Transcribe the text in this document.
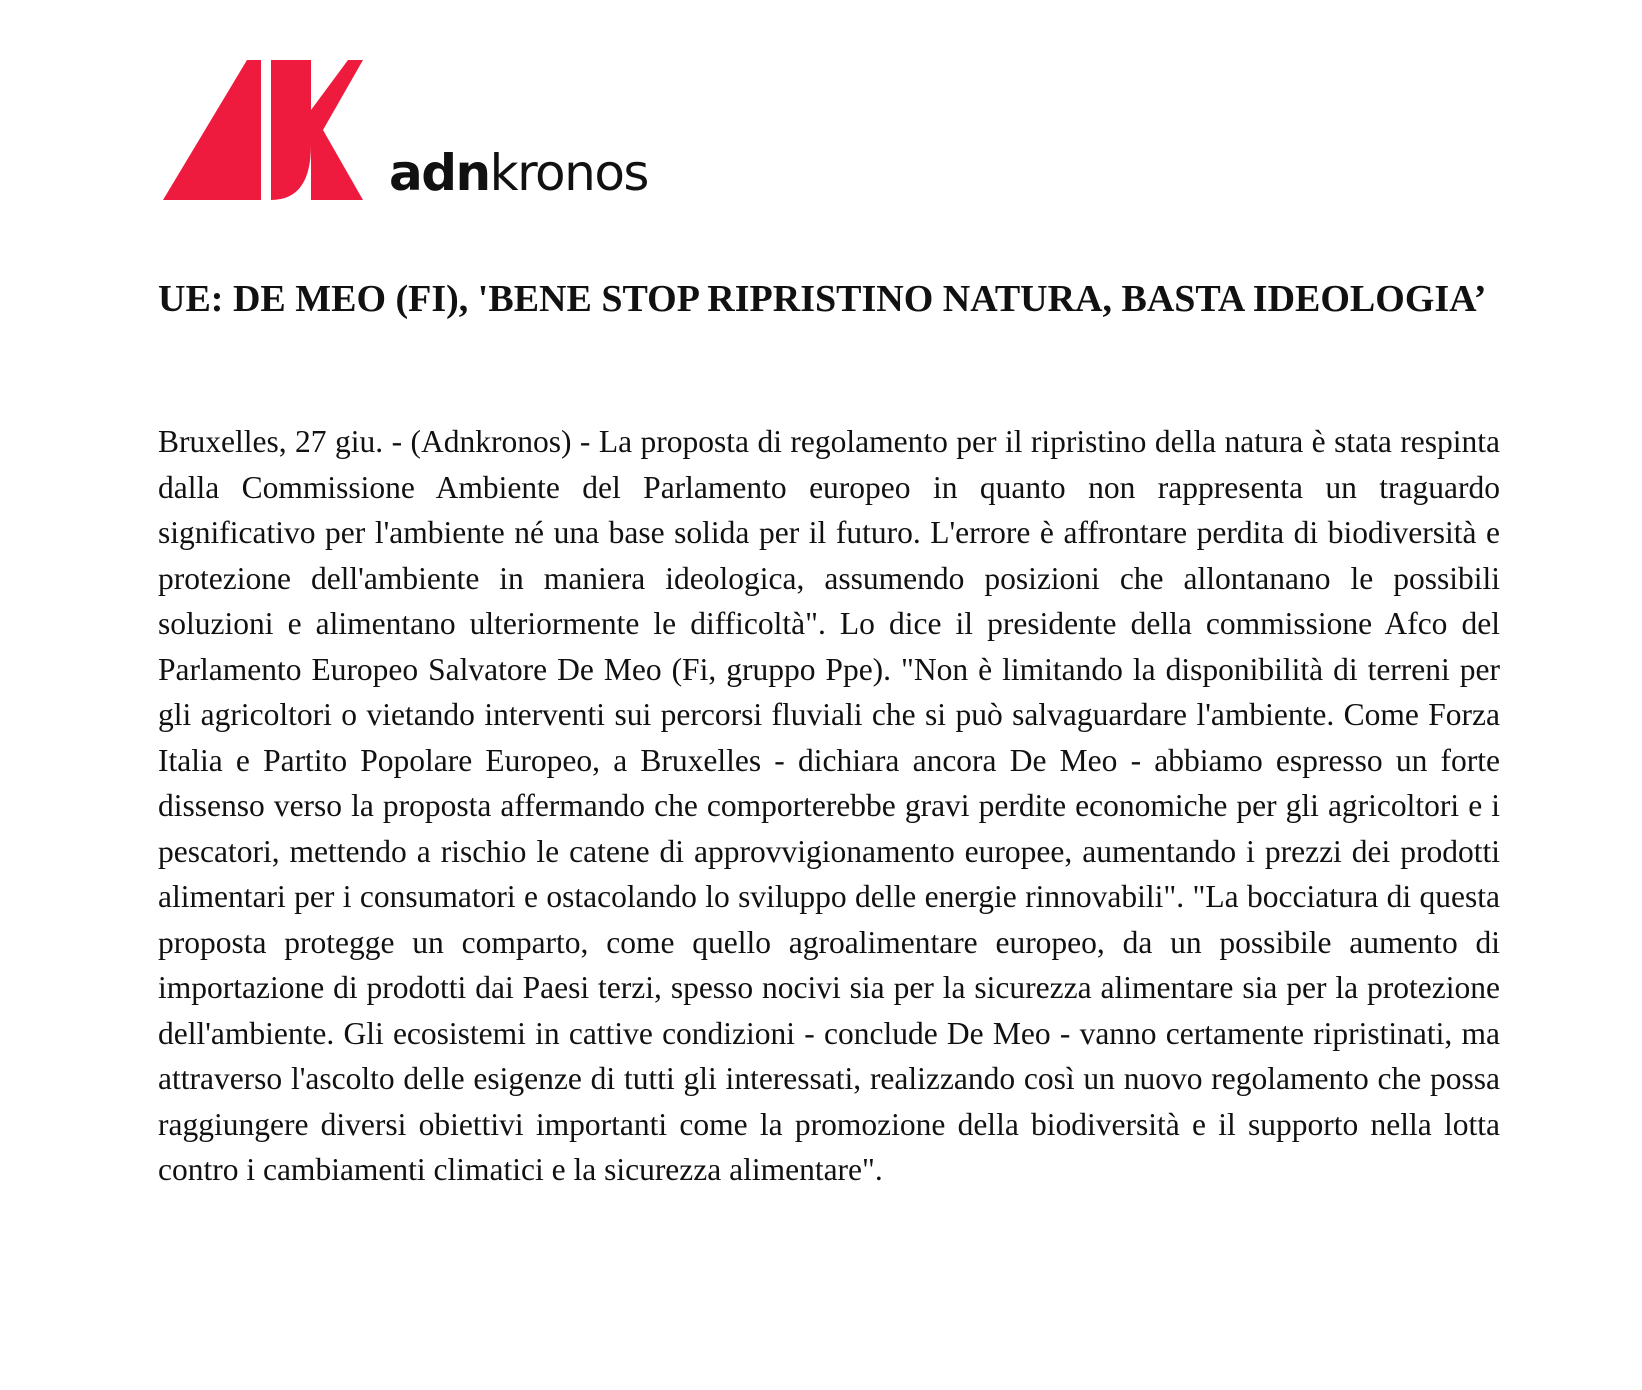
adnkronos
UE: DE MEO (FI), 'BENE STOP RIPRISTINO NATURA, BASTA IDEOLOGIA’

Bruxelles, 27 giu. - (Adnkronos) - La proposta di regolamento per il ripristino della natura è stata respinta dalla Commissione Ambiente del Parlamento europeo in quanto non rappresenta un traguardo significativo per l'ambiente né una base solida per il futuro. L'errore è affrontare perdita di biodiversità e protezione dell'ambiente in maniera ideologica, assumendo posizioni che allontanano le possibili soluzioni e alimentano ulteriormente le difficoltà". Lo dice il presidente della commissione Afco del Parlamento Europeo Salvatore De Meo (Fi, gruppo Ppe). "Non è limitando la disponibilità di terreni per gli agricoltori o vietando interventi sui percorsi fluviali che si può salvaguardare l'ambiente. Come Forza Italia e Partito Popolare Europeo, a Bruxelles - dichiara ancora De Meo - abbiamo espresso un forte dissenso verso la proposta affermando che comporterebbe gravi perdite economiche per gli agricoltori e i pescatori, mettendo a rischio le catene di approvvigionamento europee, aumentando i prezzi dei prodotti alimentari per i consumatori e ostacolando lo sviluppo delle energie rinnovabili". "La bocciatura di questa proposta protegge un comparto, come quello agroalimentare europeo, da un possibile aumento di importazione di prodotti dai Paesi terzi, spesso nocivi sia per la sicurezza alimentare sia per la protezione dell'ambiente. Gli ecosistemi in cattive condizioni - conclude De Meo - vanno certamente ripristinati, ma attraverso l'ascolto delle esigenze di tutti gli interessati, realizzando così un nuovo regolamento che possa raggiungere diversi obiettivi importanti come la promozione della biodiversità e il supporto nella lotta contro i cambiamenti climatici e la sicurezza alimentare".
